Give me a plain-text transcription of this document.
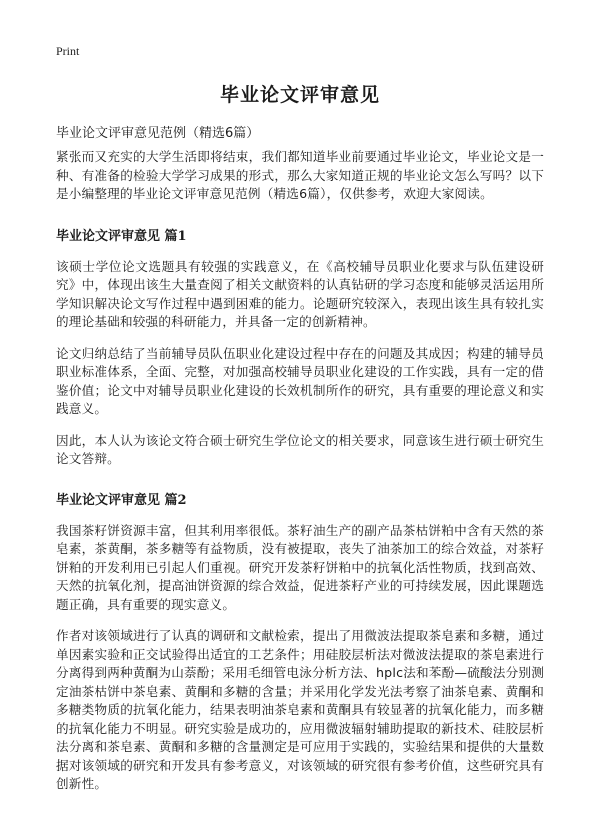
Print
毕业论文评审意见

毕业论文评审意见范例（精选6篇）

紧张而又充实的大学生活即将结束，我们都知道毕业前要通过毕业论文，毕业论文是一种、有准备的检验大学学习成果的形式，那么大家知道正规的毕业论文怎么写吗？以下是小编整理的毕业论文评审意见范例（精选6篇），仅供参考，欢迎大家阅读。

毕业论文评审意见 篇1

该硕士学位论文选题具有较强的实践意义，在《高校辅导员职业化要求与队伍建设研究》中，体现出该生大量查阅了相关文献资料的认真钻研的学习态度和能够灵活运用所学知识解决论文写作过程中遇到困难的能力。论题研究较深入，表现出该生具有较扎实的理论基础和较强的科研能力，并具备一定的创新精神。

论文归纳总结了当前辅导员队伍职业化建设过程中存在的问题及其成因；构建的辅导员职业标准体系，全面、完整，对加强高校辅导员职业化建设的工作实践，具有一定的借鉴价值；论文中对辅导员职业化建设的长效机制所作的研究，具有重要的理论意义和实践意义。

因此，本人认为该论文符合硕士研究生学位论文的相关要求，同意该生进行硕士研究生论文答辩。

毕业论文评审意见 篇2

我国茶籽饼资源丰富，但其利用率很低。茶籽油生产的副产品茶枯饼粕中含有天然的茶皂素，茶黄酮，茶多糖等有益物质，没有被提取，丧失了油茶加工的综合效益，对茶籽饼粕的开发利用已引起人们重视。研究开发茶籽饼粕中的抗氧化活性物质，找到高效、天然的抗氧化剂，提高油饼资源的综合效益，促进茶籽产业的可持续发展，因此课题选题正确，具有重要的现实意义。

作者对该领域进行了认真的调研和文献检索，提出了用微波法提取茶皂素和多糖，通过单因素实验和正交试验得出适宜的工艺条件；用硅胶层析法对微波法提取的茶皂素进行分离得到两种黄酮为山萘酚；采用毛细管电泳分析方法、hplc法和苯酚—硫酸法分别测定油茶枯饼中茶皂素、黄酮和多糖的含量；并采用化学发光法考察了油茶皂素、黄酮和多糖类物质的抗氧化能力，结果表明油茶皂素和黄酮具有较显著的抗氧化能力，而多糖的抗氧化能力不明显。研究实验是成功的，应用微波辐射辅助提取的新技术、硅胶层析法分离和茶皂素、黄酮和多糖的含量测定是可应用于实践的，实验结果和提供的大量数据对该领域的研究和开发具有参考意义，对该领域的研究很有参考价值，这些研究具有创新性。
